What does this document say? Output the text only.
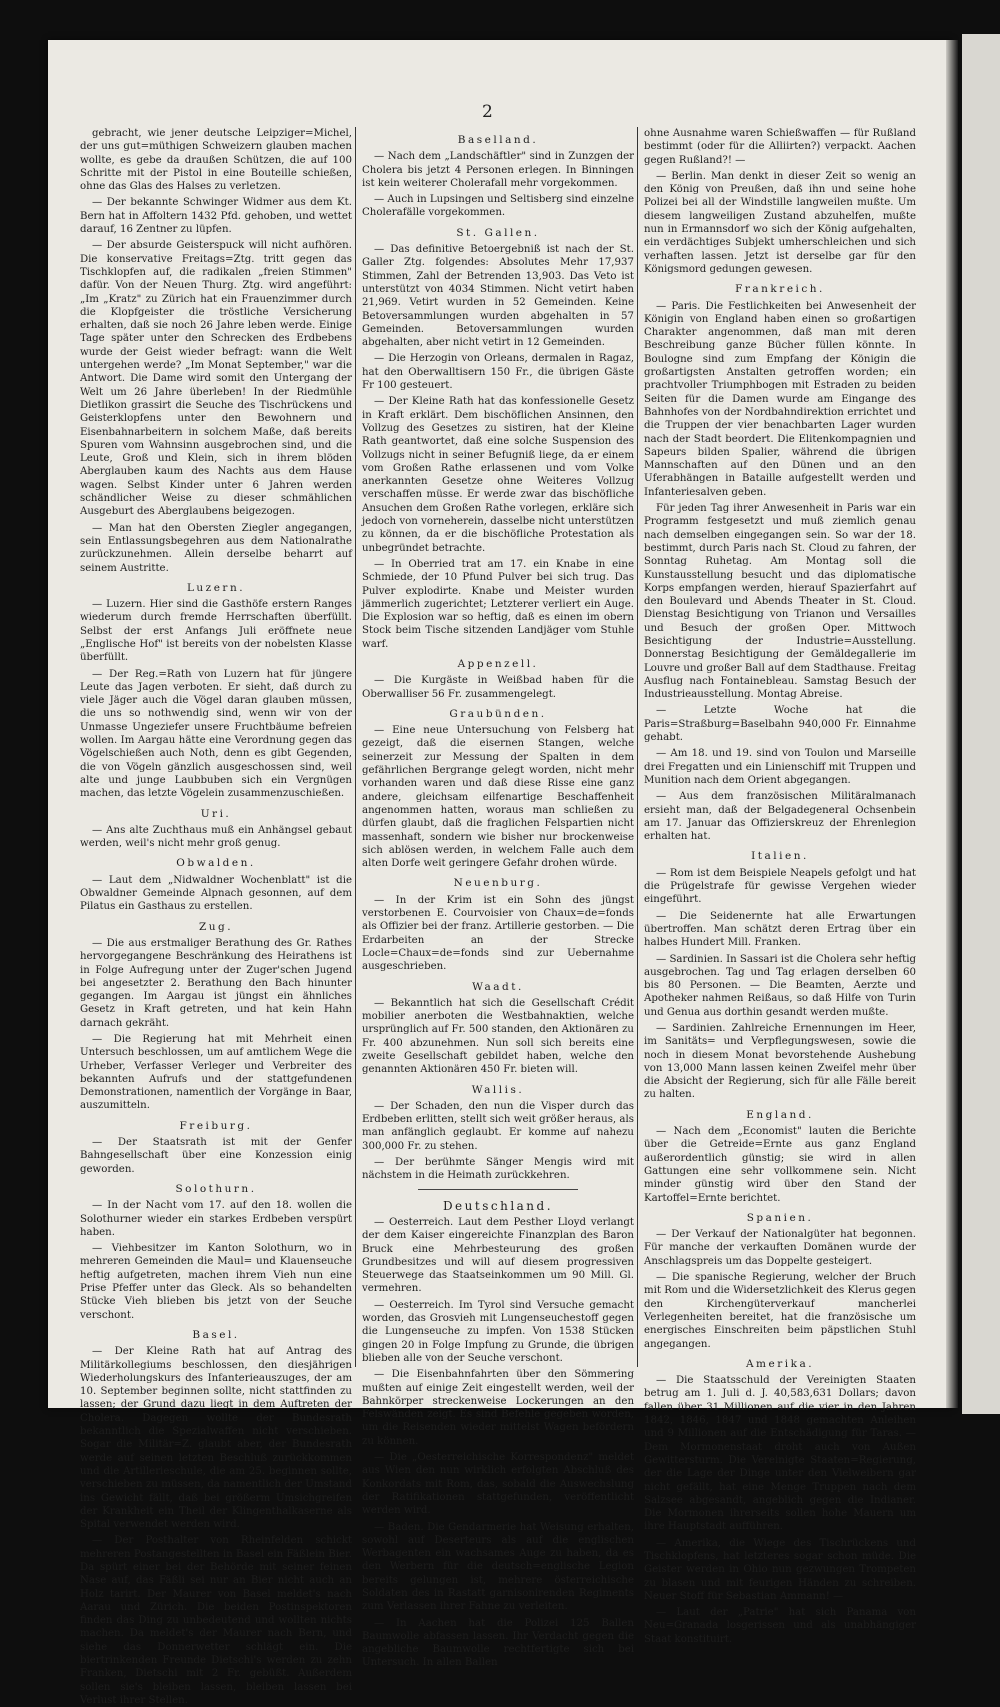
2

gebracht, wie jener deutsche Leipziger=Michel, der uns gut=müthigen Schweizern glauben machen wollte, es gebe da draußen Schützen, die auf 100 Schritte mit der Pistol in eine Bouteille schießen, ohne das Glas des Halses zu verletzen.

— Der bekannte Schwinger Widmer aus dem Kt. Bern hat in Affoltern 1432 Pfd. gehoben, und wettet darauf, 16 Zentner zu lüpfen.

— Der absurde Geisterspuck will nicht aufhören. Die konservative Freitags=Ztg. tritt gegen das Tischklopfen auf, die radikalen „freien Stimmen" dafür. Von der Neuen Thurg. Ztg. wird angeführt: „Im „Kratz" zu Zürich hat ein Frauenzimmer durch die Klopfgeister die tröstliche Versicherung erhalten, daß sie noch 26 Jahre leben werde. Einige Tage später unter den Schrecken des Erdbebens wurde der Geist wieder befragt: wann die Welt untergehen werde? „Im Monat September," war die Antwort. Die Dame wird somit den Untergang der Welt um 26 Jahre überleben! In der Riedmühle Dietlikon grassirt die Seuche des Tischrückens und Geisterklopfens unter den Bewohnern und Eisenbahnarbeitern in solchem Maße, daß bereits Spuren vom Wahnsinn ausgebrochen sind, und die Leute, Groß und Klein, sich in ihrem blöden Aberglauben kaum des Nachts aus dem Hause wagen. Selbst Kinder unter 6 Jahren werden schändlicher Weise zu dieser schmählichen Ausgeburt des Aberglaubens beigezogen.

— Man hat den Obersten Ziegler angegangen, sein Entlassungsbegehren aus dem Nationalrathe zurückzunehmen. Allein derselbe beharrt auf seinem Austritte.

Luzern.

— Luzern. Hier sind die Gasthöfe erstern Ranges wiederum durch fremde Herrschaften überfüllt. Selbst der erst Anfangs Juli eröffnete neue „Englische Hof" ist bereits von der nobelsten Klasse überfüllt.

— Der Reg.=Rath von Luzern hat für jüngere Leute das Jagen verboten. Er sieht, daß durch zu viele Jäger auch die Vögel daran glauben müssen, die uns so nothwendig sind, wenn wir von der Unmasse Ungeziefer unsere Fruchtbäume befreien wollen. Im Aargau hätte eine Verordnung gegen das Vögelschießen auch Noth, denn es gibt Gegenden, die von Vögeln gänzlich ausgeschossen sind, weil alte und junge Laubbuben sich ein Vergnügen machen, das letzte Vögelein zusammenzuschießen.

Uri.

— Ans alte Zuchthaus muß ein Anhängsel gebaut werden, weil's nicht mehr groß genug.

Obwalden.

— Laut dem „Nidwaldner Wochenblatt" ist die Obwaldner Gemeinde Alpnach gesonnen, auf dem Pilatus ein Gasthaus zu erstellen.

Zug.

— Die aus erstmaliger Berathung des Gr. Rathes hervorgegangene Beschränkung des Heirathens ist in Folge Aufregung unter der Zuger'schen Jugend bei angesetzter 2. Berathung den Bach hinunter gegangen. Im Aargau ist jüngst ein ähnliches Gesetz in Kraft getreten, und hat kein Hahn darnach gekräht.

— Die Regierung hat mit Mehrheit einen Untersuch beschlossen, um auf amtlichem Wege die Urheber, Verfasser Verleger und Verbreiter des bekannten Aufrufs und der stattgefundenen Demonstrationen, namentlich der Vorgänge in Baar, auszumitteln.

Freiburg.

— Der Staatsrath ist mit der Genfer Bahngesellschaft über eine Konzession einig geworden.

Solothurn.

— In der Nacht vom 17. auf den 18. wollen die Solothurner wieder ein starkes Erdbeben verspürt haben.

— Viehbesitzer im Kanton Solothurn, wo in mehreren Gemeinden die Maul= und Klauenseuche heftig aufgetreten, machen ihrem Vieh nun eine Prise Pfeffer unter das Gleck. Als so behandelten Stücke Vieh blieben bis jetzt von der Seuche verschont.

Basel.

— Der Kleine Rath hat auf Antrag des Militärkollegiums beschlossen, den diesjährigen Wiederholungskurs des Infanterieauszuges, der am 10. September beginnen sollte, nicht stattfinden zu lassen; der Grund dazu liegt in dem Auftreten der Cholera. Dagegen wollte der Bundesrath bekanntlich die Spezialwaffen nicht verschieben. Sogar die Militär=Z. glaubt aber, der Bundesrath werde auf seinen letzten Beschluß zurückkommen und die Artillerieschule, die am 25. beginnen sollte, verschieben zu müssen, da namentlich der Umstand ins Gewicht fällt, daß bei größerm Umsichgreifen der Krankheit ein Theil der Klingenthalkaserne als Spital verwendet werden wird.

— Der Posthalter von Rheinfelden schickt mehreren Postangestellten in Basel ein Fäßlein Bier. Da spürt einer bei der Behörde mit seiner feinen Nase auf, das Fäßli sei nur an Bier nicht auch an Holz tarirt. Der Maurer von Basel meldet's nach Aarau und Zürich. Die beiden Postinspektoren finden das Ding zu unbedeutend und wollten nichts machen. Da meldet's der Maurer nach Bern, und siehe das Donnerwetter schlägt ein. Die biertrinkenden Freunde Dietschi's werden zu zehn Franken, Dietschi mit 2 Fr. gebüßt. Außerdem sollen sie's bleiben lassen, bleiben lassen bei Verlust ihrer Stellen.

Baselland.

— Nach dem „Landschäftler" sind in Zunzgen der Cholera bis jetzt 4 Personen erlegen. In Binningen ist kein weiterer Cholerafall mehr vorgekommen.

— Auch in Lupsingen und Seltisberg sind einzelne Cholerafälle vorgekommen.

St. Gallen.

— Das definitive Betoergebniß ist nach der St. Galler Ztg. folgendes: Absolutes Mehr 17,937 Stimmen, Zahl der Betrenden 13,903. Das Veto ist unterstützt von 4034 Stimmen. Nicht vetirt haben 21,969. Vetirt wurden in 52 Gemeinden. Keine Betoversammlungen wurden abgehalten in 57 Gemeinden. Betoversammlungen wurden abgehalten, aber nicht vetirt in 12 Gemeinden.

— Die Herzogin von Orleans, dermalen in Ragaz, hat den Oberwalltisern 150 Fr., die übrigen Gäste Fr 100 gesteuert.

— Der Kleine Rath hat das konfessionelle Gesetz in Kraft erklärt. Dem bischöflichen Ansinnen, den Vollzug des Gesetzes zu sistiren, hat der Kleine Rath geantwortet, daß eine solche Suspension des Vollzugs nicht in seiner Befugniß liege, da er einem vom Großen Rathe erlassenen und vom Volke anerkannten Gesetze ohne Weiteres Vollzug verschaffen müsse. Er werde zwar das bischöfliche Ansuchen dem Großen Rathe vorlegen, erkläre sich jedoch von vorneherein, dasselbe nicht unterstützen zu können, da er die bischöfliche Protestation als unbegründet betrachte.

— In Oberried trat am 17. ein Knabe in eine Schmiede, der 10 Pfund Pulver bei sich trug. Das Pulver explodirte. Knabe und Meister wurden jämmerlich zugerichtet; Letzterer verliert ein Auge. Die Explosion war so heftig, daß es einen im obern Stock beim Tische sitzenden Landjäger vom Stuhle warf.

Appenzell.

— Die Kurgäste in Weißbad haben für die Oberwalliser 56 Fr. zusammengelegt.

Graubünden.

— Eine neue Untersuchung von Felsberg hat gezeigt, daß die eisernen Stangen, welche seinerzeit zur Messung der Spalten in dem gefährlichen Bergrange gelegt worden, nicht mehr vorhanden waren und daß diese Risse eine ganz andere, gleichsam eilfenartige Beschaffenheit angenommen hatten, woraus man schließen zu dürfen glaubt, daß die fraglichen Felspartien nicht massenhaft, sondern wie bisher nur brockenweise sich ablösen werden, in welchem Falle auch dem alten Dorfe weit geringere Gefahr drohen würde.

Neuenburg.

— In der Krim ist ein Sohn des jüngst verstorbenen E. Courvoisier von Chaux=de=fonds als Offizier bei der franz. Artillerie gestorben. — Die Erdarbeiten an der Strecke Locle=Chaux=de=fonds sind zur Uebernahme ausgeschrieben.

Waadt.

— Bekanntlich hat sich die Gesellschaft Crédit mobilier anerboten die Westbahnaktien, welche ursprünglich auf Fr. 500 standen, den Aktionären zu Fr. 400 abzunehmen. Nun soll sich bereits eine zweite Gesellschaft gebildet haben, welche den genannten Aktionären 450 Fr. bieten will.

Wallis.

— Der Schaden, den nun die Visper durch das Erdbeben erlitten, stellt sich weit größer heraus, als man anfänglich geglaubt. Er komme auf nahezu 300,000 Fr. zu stehen.

— Der berühmte Sänger Mengis wird mit nächstem in die Heimath zurückkehren.

Deutschland.

— Oesterreich. Laut dem Pesther Lloyd verlangt der dem Kaiser eingereichte Finanzplan des Baron Bruck eine Mehrbesteurung des großen Grundbesitzes und will auf diesem progressiven Steuerwege das Staatseinkommen um 90 Mill. Gl. vermehren.

— Oesterreich. Im Tyrol sind Versuche gemacht worden, das Grosvieh mit Lungenseuchestoff gegen die Lungenseuche zu impfen. Von 1538 Stücken gingen 20 in Folge Impfung zu Grunde, die übrigen blieben alle von der Seuche verschont.

— Die Eisenbahnfahrten über den Sömmering mußten auf einige Zeit eingestellt werden, weil der Bahnkörper streckenweise Lockerungen an den Felswänden zeigt. Es sind Befehle gegeben worden, um die Reisenden wieder mittelst Wagen befördern zu können.

— Die „Oesterreichische Korrespondenz" meldet aus Wien den nun wirklich erfolgten Abschluß des Konkordats mit Rom, das, sobald die Auswechslung der Ratifikationen stattgefunden, veröffentlicht werden wird.

— Baden. Die Gendarmerie hat Weisung erhalten, sowohl auf Deserteurs als auf die englischen Werbagenten ein wachsames Auge zu haben, da es den Werbern für die deutsch=englische Legion bereits gelungen ist, mehrere österreichische Soldaten des in Rastatt garnisonirenden Regiments zum Verlassen ihrer Fahne zu verleiten.

— In Aachen hat die Polizei 125 Ballen Baumwolle abfassen lassen. Ihr Verdacht gegen die angebliche Baumwolle rechtfertigte sich bei Untersuch. In allen Ballen

ohne Ausnahme waren Schießwaffen — für Rußland bestimmt (oder für die Alliirten?) verpackt. Aachen gegen Rußland?! —

— Berlin. Man denkt in dieser Zeit so wenig an den König von Preußen, daß ihn und seine hohe Polizei bei all der Windstille langweilen mußte. Um diesem langweiligen Zustand abzuhelfen, mußte nun in Ermannsdorf wo sich der König aufgehalten, ein verdächtiges Subjekt umherschleichen und sich verhaften lassen. Jetzt ist derselbe gar für den Königsmord gedungen gewesen.

Frankreich.

— Paris. Die Festlichkeiten bei Anwesenheit der Königin von England haben einen so großartigen Charakter angenommen, daß man mit deren Beschreibung ganze Bücher füllen könnte. In Boulogne sind zum Empfang der Königin die großartigsten Anstalten getroffen worden; ein prachtvoller Triumphbogen mit Estraden zu beiden Seiten für die Damen wurde am Eingange des Bahnhofes von der Nordbahndirektion errichtet und die Truppen der vier benachbarten Lager wurden nach der Stadt beordert. Die Elitenkompagnien und Sapeurs bilden Spalier, während die übrigen Mannschaften auf den Dünen und an den Uferabhängen in Bataille aufgestellt werden und Infanteriesalven geben.

Für jeden Tag ihrer Anwesenheit in Paris war ein Programm festgesetzt und muß ziemlich genau nach demselben eingegangen sein. So war der 18. bestimmt, durch Paris nach St. Cloud zu fahren, der Sonntag Ruhetag. Am Montag soll die Kunstausstellung besucht und das diplomatische Korps empfangen werden, hierauf Spazierfahrt auf den Boulevard und Abends Theater in St. Cloud. Dienstag Besichtigung von Trianon und Versailles und Besuch der großen Oper. Mittwoch Besichtigung der Industrie=Ausstellung. Donnerstag Besichtigung der Gemäldegallerie im Louvre und großer Ball auf dem Stadthause. Freitag Ausflug nach Fontainebleau. Samstag Besuch der Industrieausstellung. Montag Abreise.

— Letzte Woche hat die Paris=Straßburg=Baselbahn 940,000 Fr. Einnahme gehabt.

— Am 18. und 19. sind von Toulon und Marseille drei Fregatten und ein Linienschiff mit Truppen und Munition nach dem Orient abgegangen.

— Aus dem französischen Militäralmanach ersieht man, daß der Belgadegeneral Ochsenbein am 17. Januar das Offizierskreuz der Ehrenlegion erhalten hat.

Italien.

— Rom ist dem Beispiele Neapels gefolgt und hat die Prügelstrafe für gewisse Vergehen wieder eingeführt.

— Die Seidenernte hat alle Erwartungen übertroffen. Man schätzt deren Ertrag über ein halbes Hundert Mill. Franken.

— Sardinien. In Sassari ist die Cholera sehr heftig ausgebrochen. Tag und Tag erlagen derselben 60 bis 80 Personen. — Die Beamten, Aerzte und Apotheker nahmen Reißaus, so daß Hilfe von Turin und Genua aus dorthin gesandt werden mußte.

— Sardinien. Zahlreiche Ernennungen im Heer, im Sanitäts= und Verpflegungswesen, sowie die noch in diesem Monat bevorstehende Aushebung von 13,000 Mann lassen keinen Zweifel mehr über die Absicht der Regierung, sich für alle Fälle bereit zu halten.

England.

— Nach dem „Economist" lauten die Berichte über die Getreide=Ernte aus ganz England außerordentlich günstig; sie wird in allen Gattungen eine sehr vollkommene sein. Nicht minder günstig wird über den Stand der Kartoffel=Ernte berichtet.

Spanien.

— Der Verkauf der Nationalgüter hat begonnen. Für manche der verkauften Domänen wurde der Anschlagspreis um das Doppelte gesteigert.

— Die spanische Regierung, welcher der Bruch mit Rom und die Widersetzlichkeit des Klerus gegen den Kirchengüterverkauf mancherlei Verlegenheiten bereitet, hat die französische um energisches Einschreiten beim päpstlichen Stuhl angegangen.

Amerika.

— Die Staatsschuld der Vereinigten Staaten betrug am 1. Juli d. J. 40,583,631 Dollars; davon fallen über 31 Millionen auf die vier in den Jahren 1842, 1846, 1847 und 1848 gemachten Anleihen und 9 Millionen auf die Entschädigung für Taras. — Dem Mormonenstaat droht auch von Außen Gewittersturm. Die Vereinigte Staaten=Regierung, der die Lage der Dinge unter den Vielweibern gar nicht gefällt, hat eine Menge Truppen nach dem Salzsee abgesandt, angeblich gegen die Indianer. Die Mormonen ihrerseits sollen hohe Mauern um ihre Hauptstadt aufführen.

— Amerika, die Wiege des Tischrückens und Tischklopfens, hat letzteres sogar schon müde. Die Geister werden in Ohio nun gezwungen Trompeten zu blasen und mit feurigen Händen zu schreiben. Neuer Stoff für Sebastian Ammann! —

— Laut der „Patrie" hat sich Panama von Neu=Granada losgerissen und als unabhängiger Staat konstituirt.
